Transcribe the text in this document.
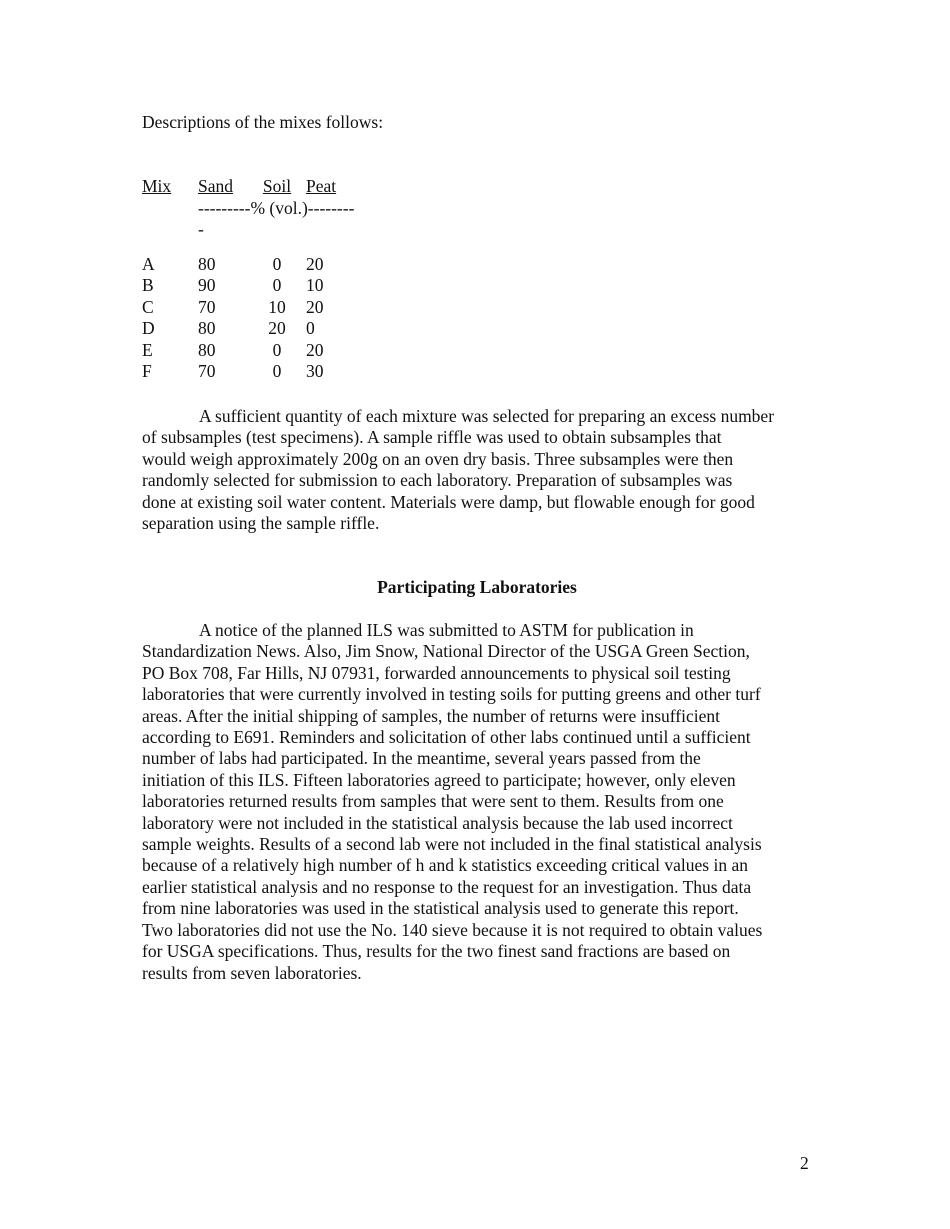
Descriptions of the mixes follows:

Mix	Sand	Soil	Peat
	---------% (vol.)---------		

A	80	0	20
B	90	0	10
C	70	10	20
D	80	20	0
E	80	0	20
F	70	0	30
A sufficient quantity of each mixture was selected for preparing an excess number
of subsamples (test specimens). A sample riffle was used to obtain subsamples that
would weigh approximately 200g on an oven dry basis. Three subsamples were then
randomly selected for submission to each laboratory. Preparation of subsamples was
done at existing soil water content. Materials were damp, but flowable enough for good
separation using the sample riffle.
Participating Laboratories
A notice of the planned ILS was submitted to ASTM for publication in
Standardization News. Also, Jim Snow, National Director of the USGA Green Section,
PO Box 708, Far Hills, NJ 07931, forwarded announcements to physical soil testing
laboratories that were currently involved in testing soils for putting greens and other turf
areas. After the initial shipping of samples, the number of returns were insufficient
according to E691. Reminders and solicitation of other labs continued until a sufficient
number of labs had participated. In the meantime, several years passed from the
initiation of this ILS. Fifteen laboratories agreed to participate; however, only eleven
laboratories returned results from samples that were sent to them. Results from one
laboratory were not included in the statistical analysis because the lab used incorrect
sample weights. Results of a second lab were not included in the final statistical analysis
because of a relatively high number of h and k statistics exceeding critical values in an
earlier statistical analysis and no response to the request for an investigation. Thus data
from nine laboratories was used in the statistical analysis used to generate this report.
Two laboratories did not use the No. 140 sieve because it is not required to obtain values
for USGA specifications. Thus, results for the two finest sand fractions are based on
results from seven laboratories.

2
